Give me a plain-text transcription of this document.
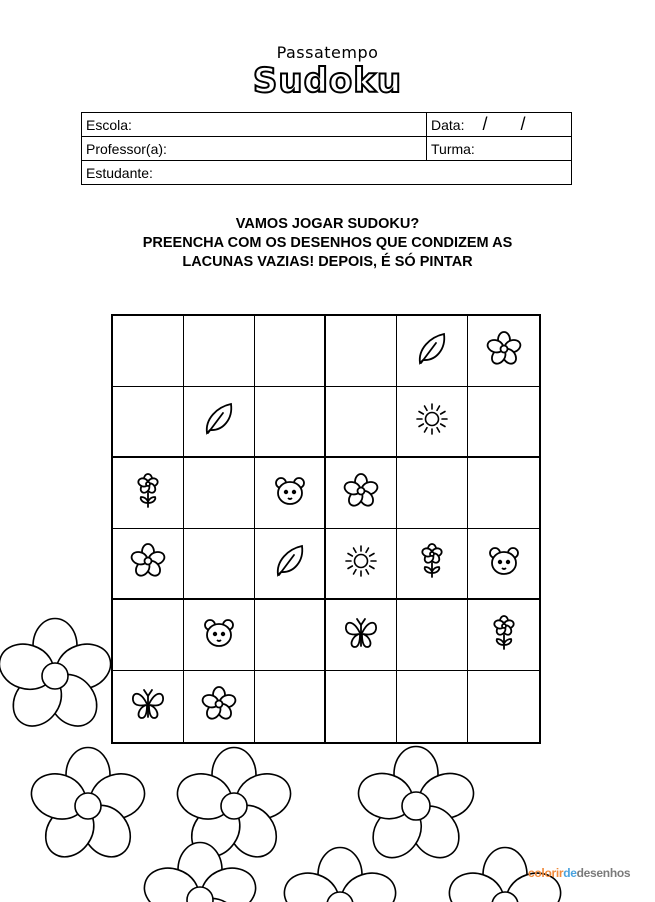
Passatempo
Sudoku
Escola:	Data: / /
Professor(a):	Turma:
Estudante:	
VAMOS JOGAR SUDOKU?
PREENCHA COM OS DESENHOS QUE CONDIZEM AS
LACUNAS VAZIAS! DEPOIS, É SÓ PINTAR
colorirdedesenhos
